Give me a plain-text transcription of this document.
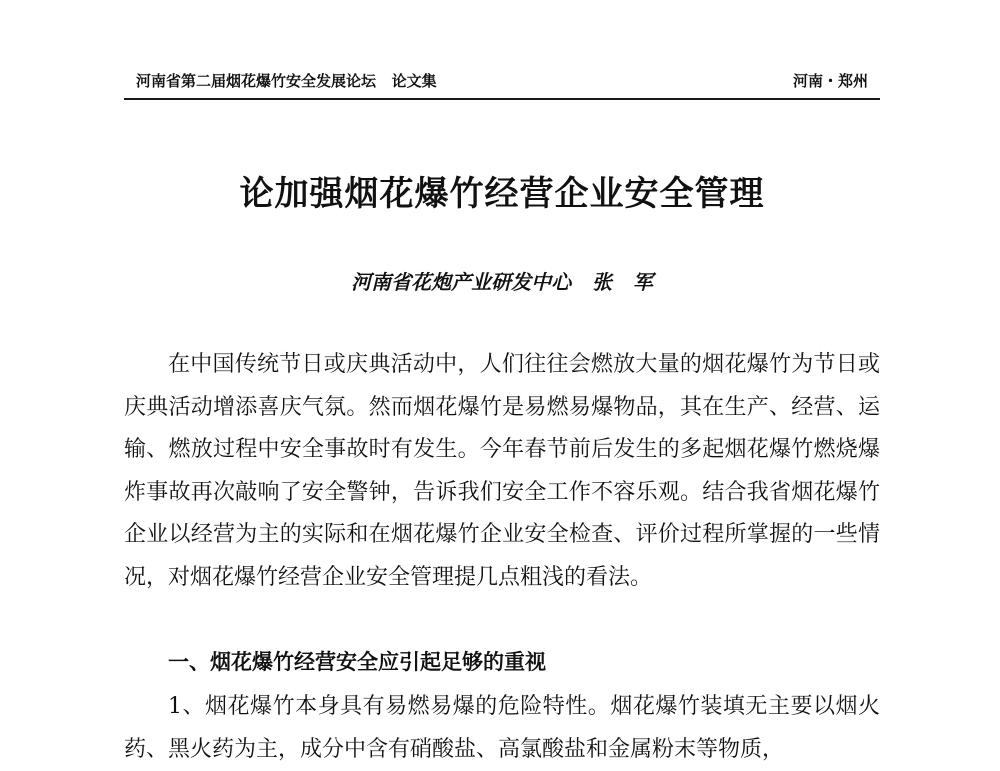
河南省第二届烟花爆竹安全发展论坛   论文集	河南・郑州
论加强烟花爆竹经营企业安全管理
河南省花炮产业研发中心   张   军

在中国传统节日或庆典活动中，人们往往会燃放大量的烟花爆竹为节日或庆典活动增添喜庆气氛。然而烟花爆竹是易燃易爆物品，其在生产、经营、运输、燃放过程中安全事故时有发生。今年春节前后发生的多起烟花爆竹燃烧爆炸事故再次敲响了安全警钟，告诉我们安全工作不容乐观。结合我省烟花爆竹企业以经营为主的实际和在烟花爆竹企业安全检查、评价过程所掌握的一些情况，对烟花爆竹经营企业安全管理提几点粗浅的看法。

一、烟花爆竹经营安全应引起足够的重视

1、烟花爆竹本身具有易燃易爆的危险特性。烟花爆竹装填无主要以烟火药、黑火药为主，成分中含有硝酸盐、高氯酸盐和金属粉末等物质，
